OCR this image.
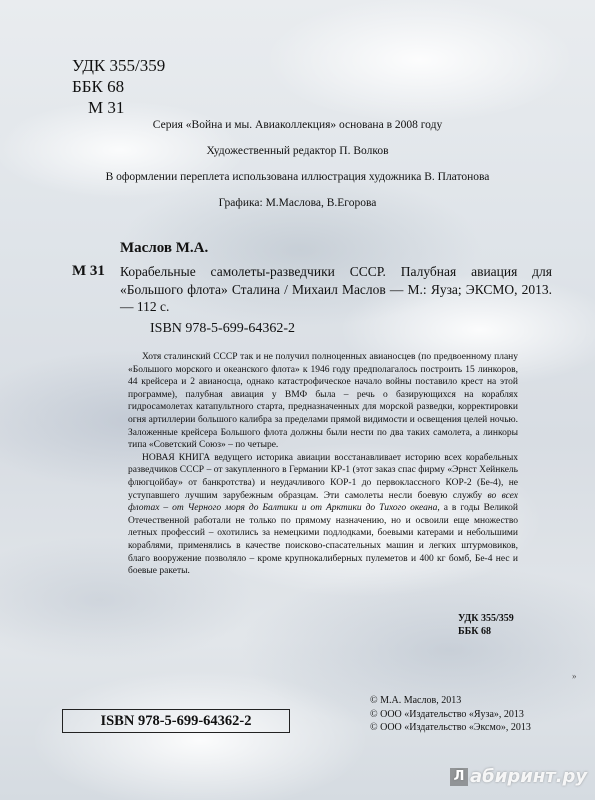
УДК 355/359
ББК 68
М 31
Серия «Война и мы. Авиаколлекция» основана в 2008 году
Художественный редактор П. Волков
В оформлении переплета использована иллюстрация художника В. Платонова
Графика: М.Маслова, В.Егорова
Маслов М.А.
М 31 Корабельные самолеты-разведчики СССР. Палубная авиация для «Большого флота» Сталина / Михаил Маслов — М.: Яуза; ЭКСМО, 2013. — 112 с.
ISBN 978-5-699-64362-2

Хотя сталинский СССР так и не получил полноценных авианосцев (по предвоенному плану «Большого морского и океанского флота» к 1946 году предполагалось построить 15 линкоров, 44 крейсера и 2 авианосца, однако катастрофическое начало войны поставило крест на этой программе), палубная авиация у ВМФ была – речь о базирующихся на кораблях гидросамолетах катапультного старта, предназначенных для морской разведки, корректировки огня артиллерии большого калибра за пределами прямой видимости и освещения целей ночью. Заложенные крейсера Большого флота должны были нести по два таких самолета, а линкоры типа «Советский Союз» – по четыре.

НОВАЯ КНИГА ведущего историка авиации восстанавливает историю всех корабельных разведчиков СССР – от закупленного в Германии КР-1 (этот заказ спас фирму «Эрнст Хейнкель флюгцойбау» от банкротства) и неудачливого КОР-1 до первоклассного КОР-2 (Бе-4), не уступавшего лучшим зарубежным образцам. Эти самолеты несли боевую службу во всех флотах – от Черного моря до Балтики и от Арктики до Тихого океана, а в годы Великой Отечественной работали не только по прямому назначению, но и освоили еще множество летных профессий – охотились за немецкими подлодками, боевыми катерами и небольшими кораблями, применялись в качестве поисково-спасательных машин и легких штурмовиков, благо вооружение позволяло – кроме крупнокалиберных пулеметов и 400 кг бомб, Бе-4 нес и боевые ракеты.

УДК 355/359
ББК 68
»
© М.А. Маслов, 2013
© ООО «Издательство «Яуза», 2013
© ООО «Издательство «Эксмо», 2013
ISBN 978-5-699-64362-2
Л абиринт.ру
